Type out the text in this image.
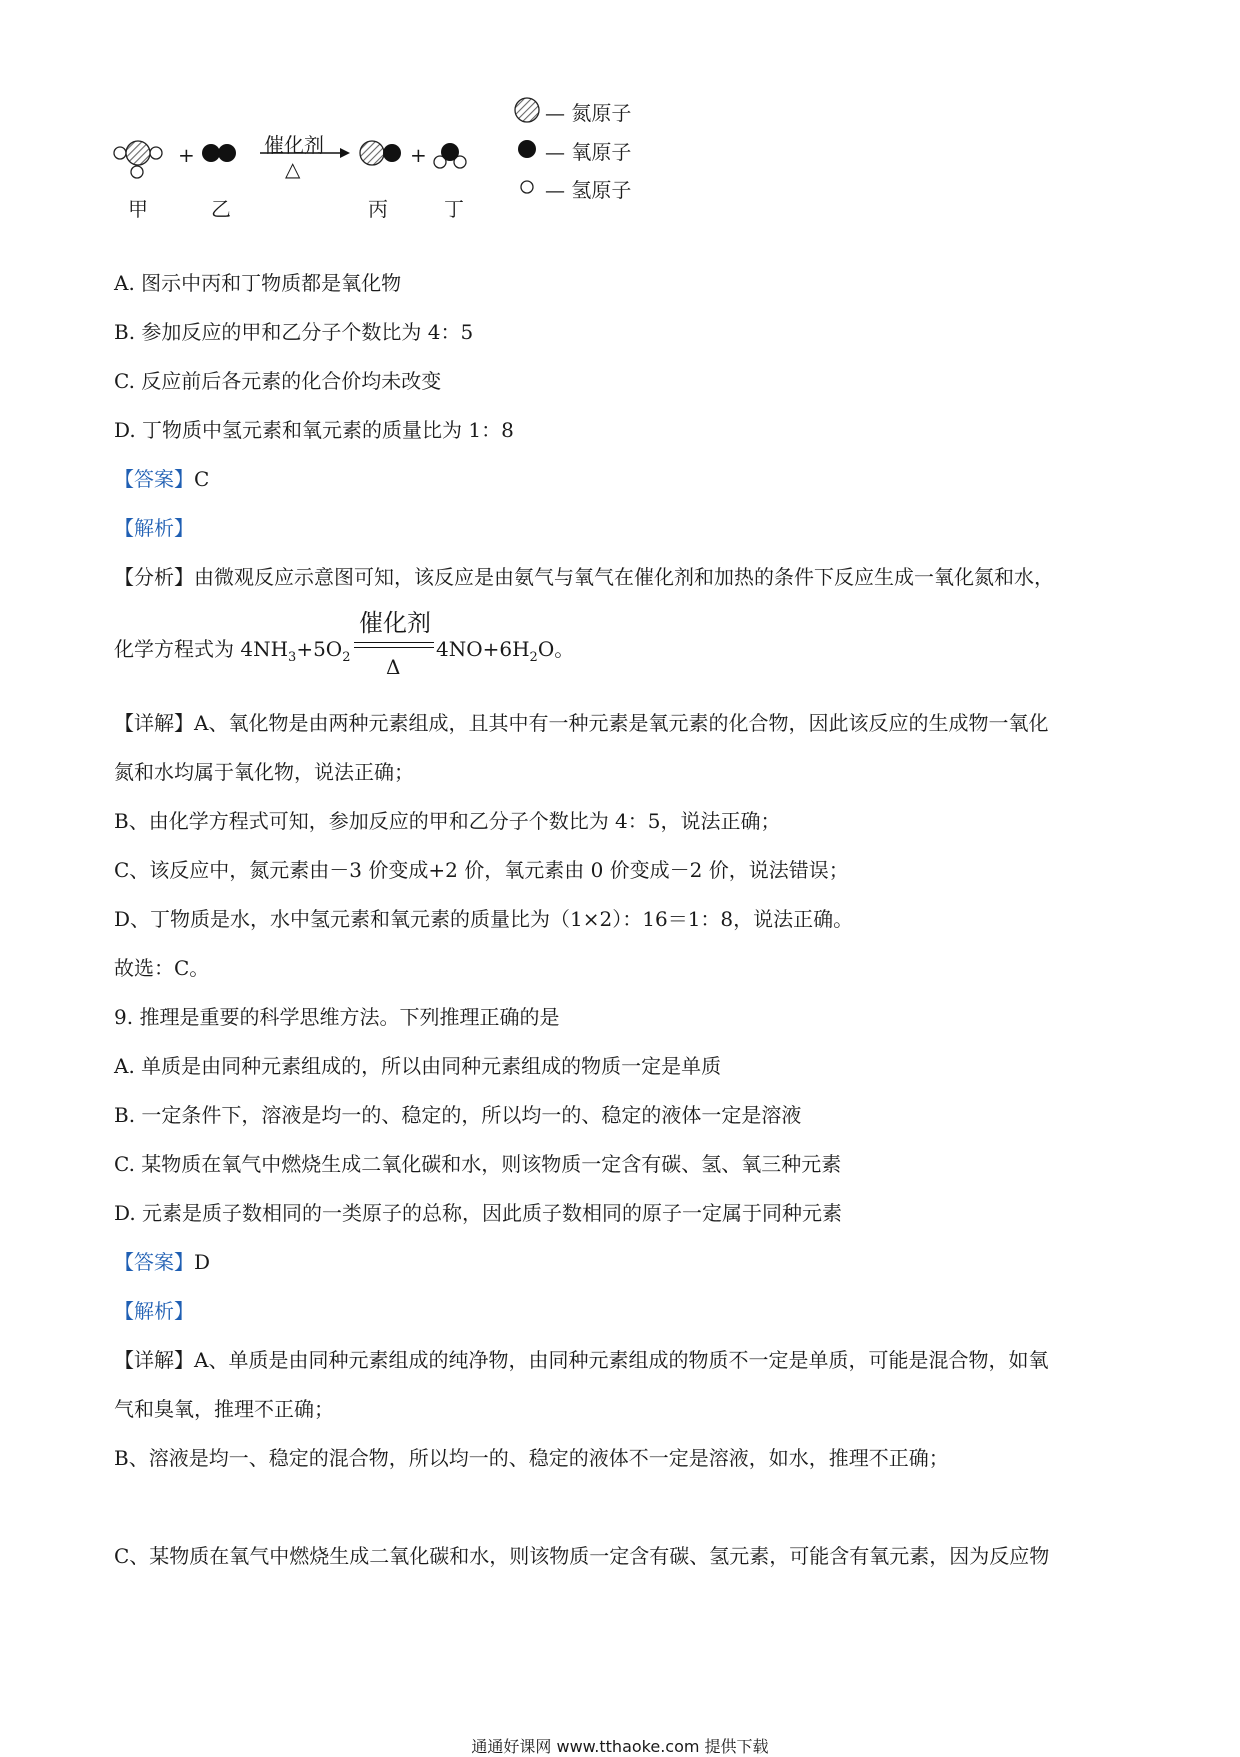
+	+
催化剂
△
甲	乙	丙	丁
— 氮原子
— 氧原子
— 氢原子
A. 图示中丙和丁物质都是氧化物
B. 参加反应的甲和乙分子个数比为 4：5
C. 反应前后各元素的化合价均未改变
D. 丁物质中氢元素和氧元素的质量比为 1：8
【答案】C
【解析】
【分析】由微观反应示意图可知，该反应是由氨气与氧气在催化剂和加热的条件下反应生成一氧化氮和水，
化学方程式为 $4NH_3+5O_2$
催化剂
Δ
$4NO+6H_2O$。
【详解】A、氧化物是由两种元素组成，且其中有一种元素是氧元素的化合物，因此该反应的生成物一氧化
氮和水均属于氧化物，说法正确；
B、由化学方程式可知，参加反应的甲和乙分子个数比为 4：5，说法正确；
C、该反应中，氮元素由－3 价变成+2 价，氧元素由 0 价变成－2 价，说法错误；
D、丁物质是水，水中氢元素和氧元素的质量比为（1×2）：16＝1：8，说法正确。
故选：C。
9. 推理是重要的科学思维方法。下列推理正确的是
A. 单质是由同种元素组成的，所以由同种元素组成的物质一定是单质
B. 一定条件下，溶液是均一的、稳定的，所以均一的、稳定的液体一定是溶液
C. 某物质在氧气中燃烧生成二氧化碳和水，则该物质一定含有碳、氢、氧三种元素
D. 元素是质子数相同的一类原子的总称，因此质子数相同的原子一定属于同种元素
【答案】D
【解析】
【详解】A、单质是由同种元素组成的纯净物，由同种元素组成的物质不一定是单质，可能是混合物，如氧
气和臭氧，推理不正确；
B、溶液是均一、稳定的混合物，所以均一的、稳定的液体不一定是溶液，如水，推理不正确；
C、某物质在氧气中燃烧生成二氧化碳和水，则该物质一定含有碳、氢元素，可能含有氧元素，因为反应物
通通好课网 www.tthaoke.com 提供下载
